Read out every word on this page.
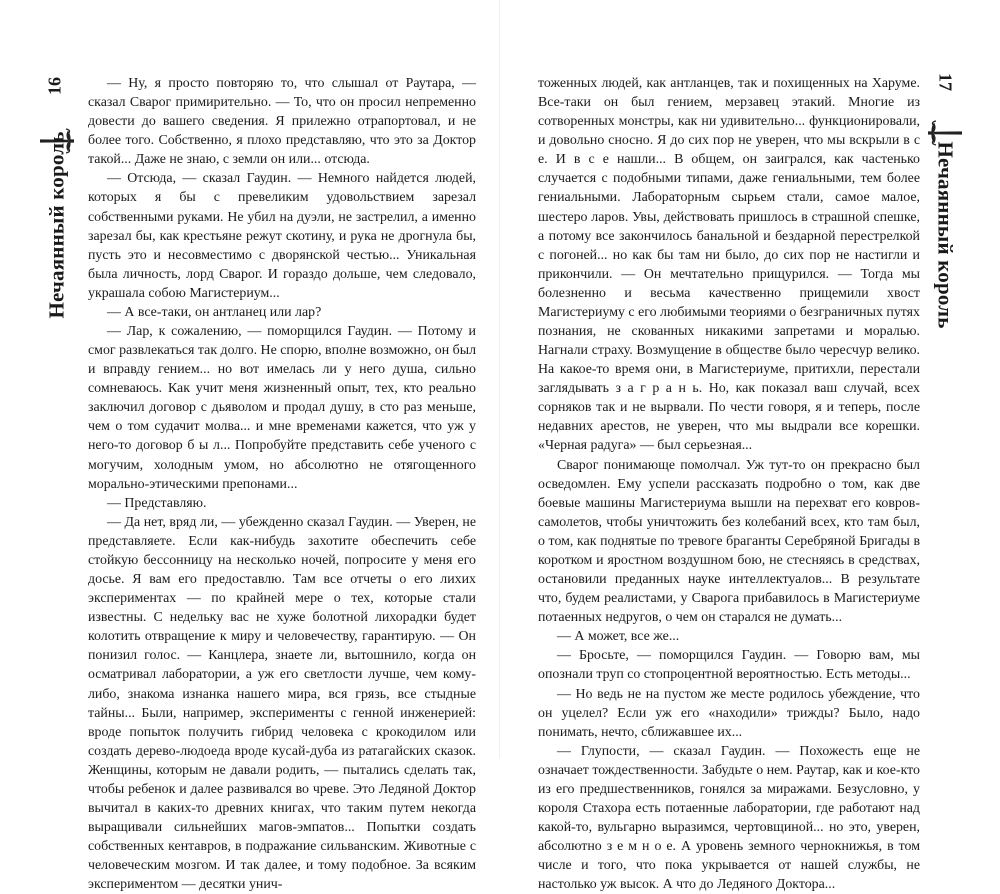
16
Нечаянный король

— Ну, я просто повторяю то, что слышал от Раутара, — сказал Сварог примирительно. — То, что он просил непременно довести до вашего сведения. Я прилежно отрапортовал, и не более того. Собственно, я плохо представляю, что это за Доктор такой... Даже не знаю, с земли он или... отсюда.

— Отсюда, — сказал Гаудин. — Немного найдется людей, которых я бы с превеликим удовольствием зарезал собственными руками. Не убил на дуэли, не застрелил, а именно зарезал бы, как крестьяне режут скотину, и рука не дрогнула бы, пусть это и несовместимо с дворянской честью... Уникальная была личность, лорд Сварог. И гораздо дольше, чем следовало, украшала собою Магистериум...

— А все-таки, он антланец или лар?

— Лар, к сожалению, — поморщился Гаудин. — Потому и смог развлекаться так долго. Не спорю, вполне возможно, он был и вправду гением... но вот имелась ли у него душа, сильно сомневаюсь. Как учит меня жизненный опыт, тех, кто реально заключил договор с дьяволом и продал душу, в сто раз меньше, чем о том судачит молва... и мне временами кажется, что уж у него-то договор б ы л... Попробуйте представить себе ученого с могучим, холодным умом, но абсолютно не отягощенного морально-этическими препонами...

— Представляю.

— Да нет, вряд ли, — убежденно сказал Гаудин. — Уверен, не представляете. Если как-нибудь захотите обеспечить себе стойкую бессонницу на несколько ночей, попросите у меня его досье. Я вам его предоставлю. Там все отчеты о его лихих экспериментах — по крайней мере о тех, которые стали известны. С недельку вас не хуже болотной лихорадки будет колотить отвращение к миру и человечеству, гарантирую. — Он понизил голос. — Канцлера, знаете ли, вытошнило, когда он осматривал лаборатории, а уж его светлости лучше, чем кому-либо, знакома изнанка нашего мира, вся грязь, все стыдные тайны... Были, например, эксперименты с генной инженерией: вроде попыток получить гибрид человека с крокодилом или создать дерево-людоеда вроде кусай-дуба из ратагайских сказок. Женщины, которым не давали родить, — пытались сделать так, чтобы ребенок и далее развивался во чреве. Это Ледяной Доктор вычитал в каких-то древних книгах, что таким путем некогда выращивали сильнейших магов-эмпатов... Попытки создать собственных кентавров, в подражание сильванским. Животные с человеческим мозгом. И так далее, и тому подобное. За всяким экспериментом — десятки унич-

17
Нечаянный король

тоженных людей, как антланцев, так и похищенных на Харуме. Все-таки он был гением, мерзавец этакий. Многие из сотворенных монстры, как ни удивительно... функционировали, и довольно сносно. Я до сих пор не уверен, что мы вскрыли в с е. И в с е нашли... В общем, он заигрался, как частенько случается с подобными типами, даже гениальными, тем более гениальными. Лабораторным сырьем стали, самое малое, шестеро ларов. Увы, действовать пришлось в страшной спешке, а потому все закончилось банальной и бездарной перестрелкой с погоней... но как бы там ни было, до сих пор не настигли и прикончили. — Он мечтательно прищурился. — Тогда мы болезненно и весьма качественно прищемили хвост Магистериуму с его любимыми теориями о безграничных путях познания, не скованных никакими запретами и моралью. Нагнали страху. Возмущение в обществе было чересчур велико. На какое-то время они, в Магистериуме, притихли, перестали заглядывать з а г р а н ь. Но, как показал ваш случай, всех сорняков так и не вырвали. По чести говоря, я и теперь, после недавних арестов, не уверен, что мы выдрали все корешки. «Черная радуга» — был серьезная...

Сварог понимающе помолчал. Уж тут-то он прекрасно был осведомлен. Ему успели рассказать подробно о том, как две боевые машины Магистериума вышли на перехват его ковров-самолетов, чтобы уничтожить без колебаний всех, кто там был, о том, как поднятые по тревоге браганты Серебряной Бригады в коротком и яростном воздушном бою, не стесняясь в средствах, остановили преданных науке интеллектуалов... В результате что, будем реалистами, у Сварога прибавилось в Магистериуме потаенных недругов, о чем он старался не думать...

— А может, все же...

— Бросьте, — поморщился Гаудин. — Говорю вам, мы опознали труп со стопроцентной вероятностью. Есть методы...

— Но ведь не на пустом же месте родилось убеждение, что он уцелел? Если уж его «находили» трижды? Было, надо понимать, нечто, сближавшее их...

— Глупости, — сказал Гаудин. — Похожесть еще не означает тождественности. Забудьте о нем. Раутар, как и кое-кто из его предшественников, гонялся за миражами. Безусловно, у короля Стахора есть потаенные лаборатории, где работают над какой-то, вульгарно выразимся, чертовщиной... но это, уверен, абсолютно з е м н о е. А уровень земного чернокнижья, в том числе и того, что пока укрывается от нашей службы, не настолько уж высок. А что до Ледяного Доктора...
